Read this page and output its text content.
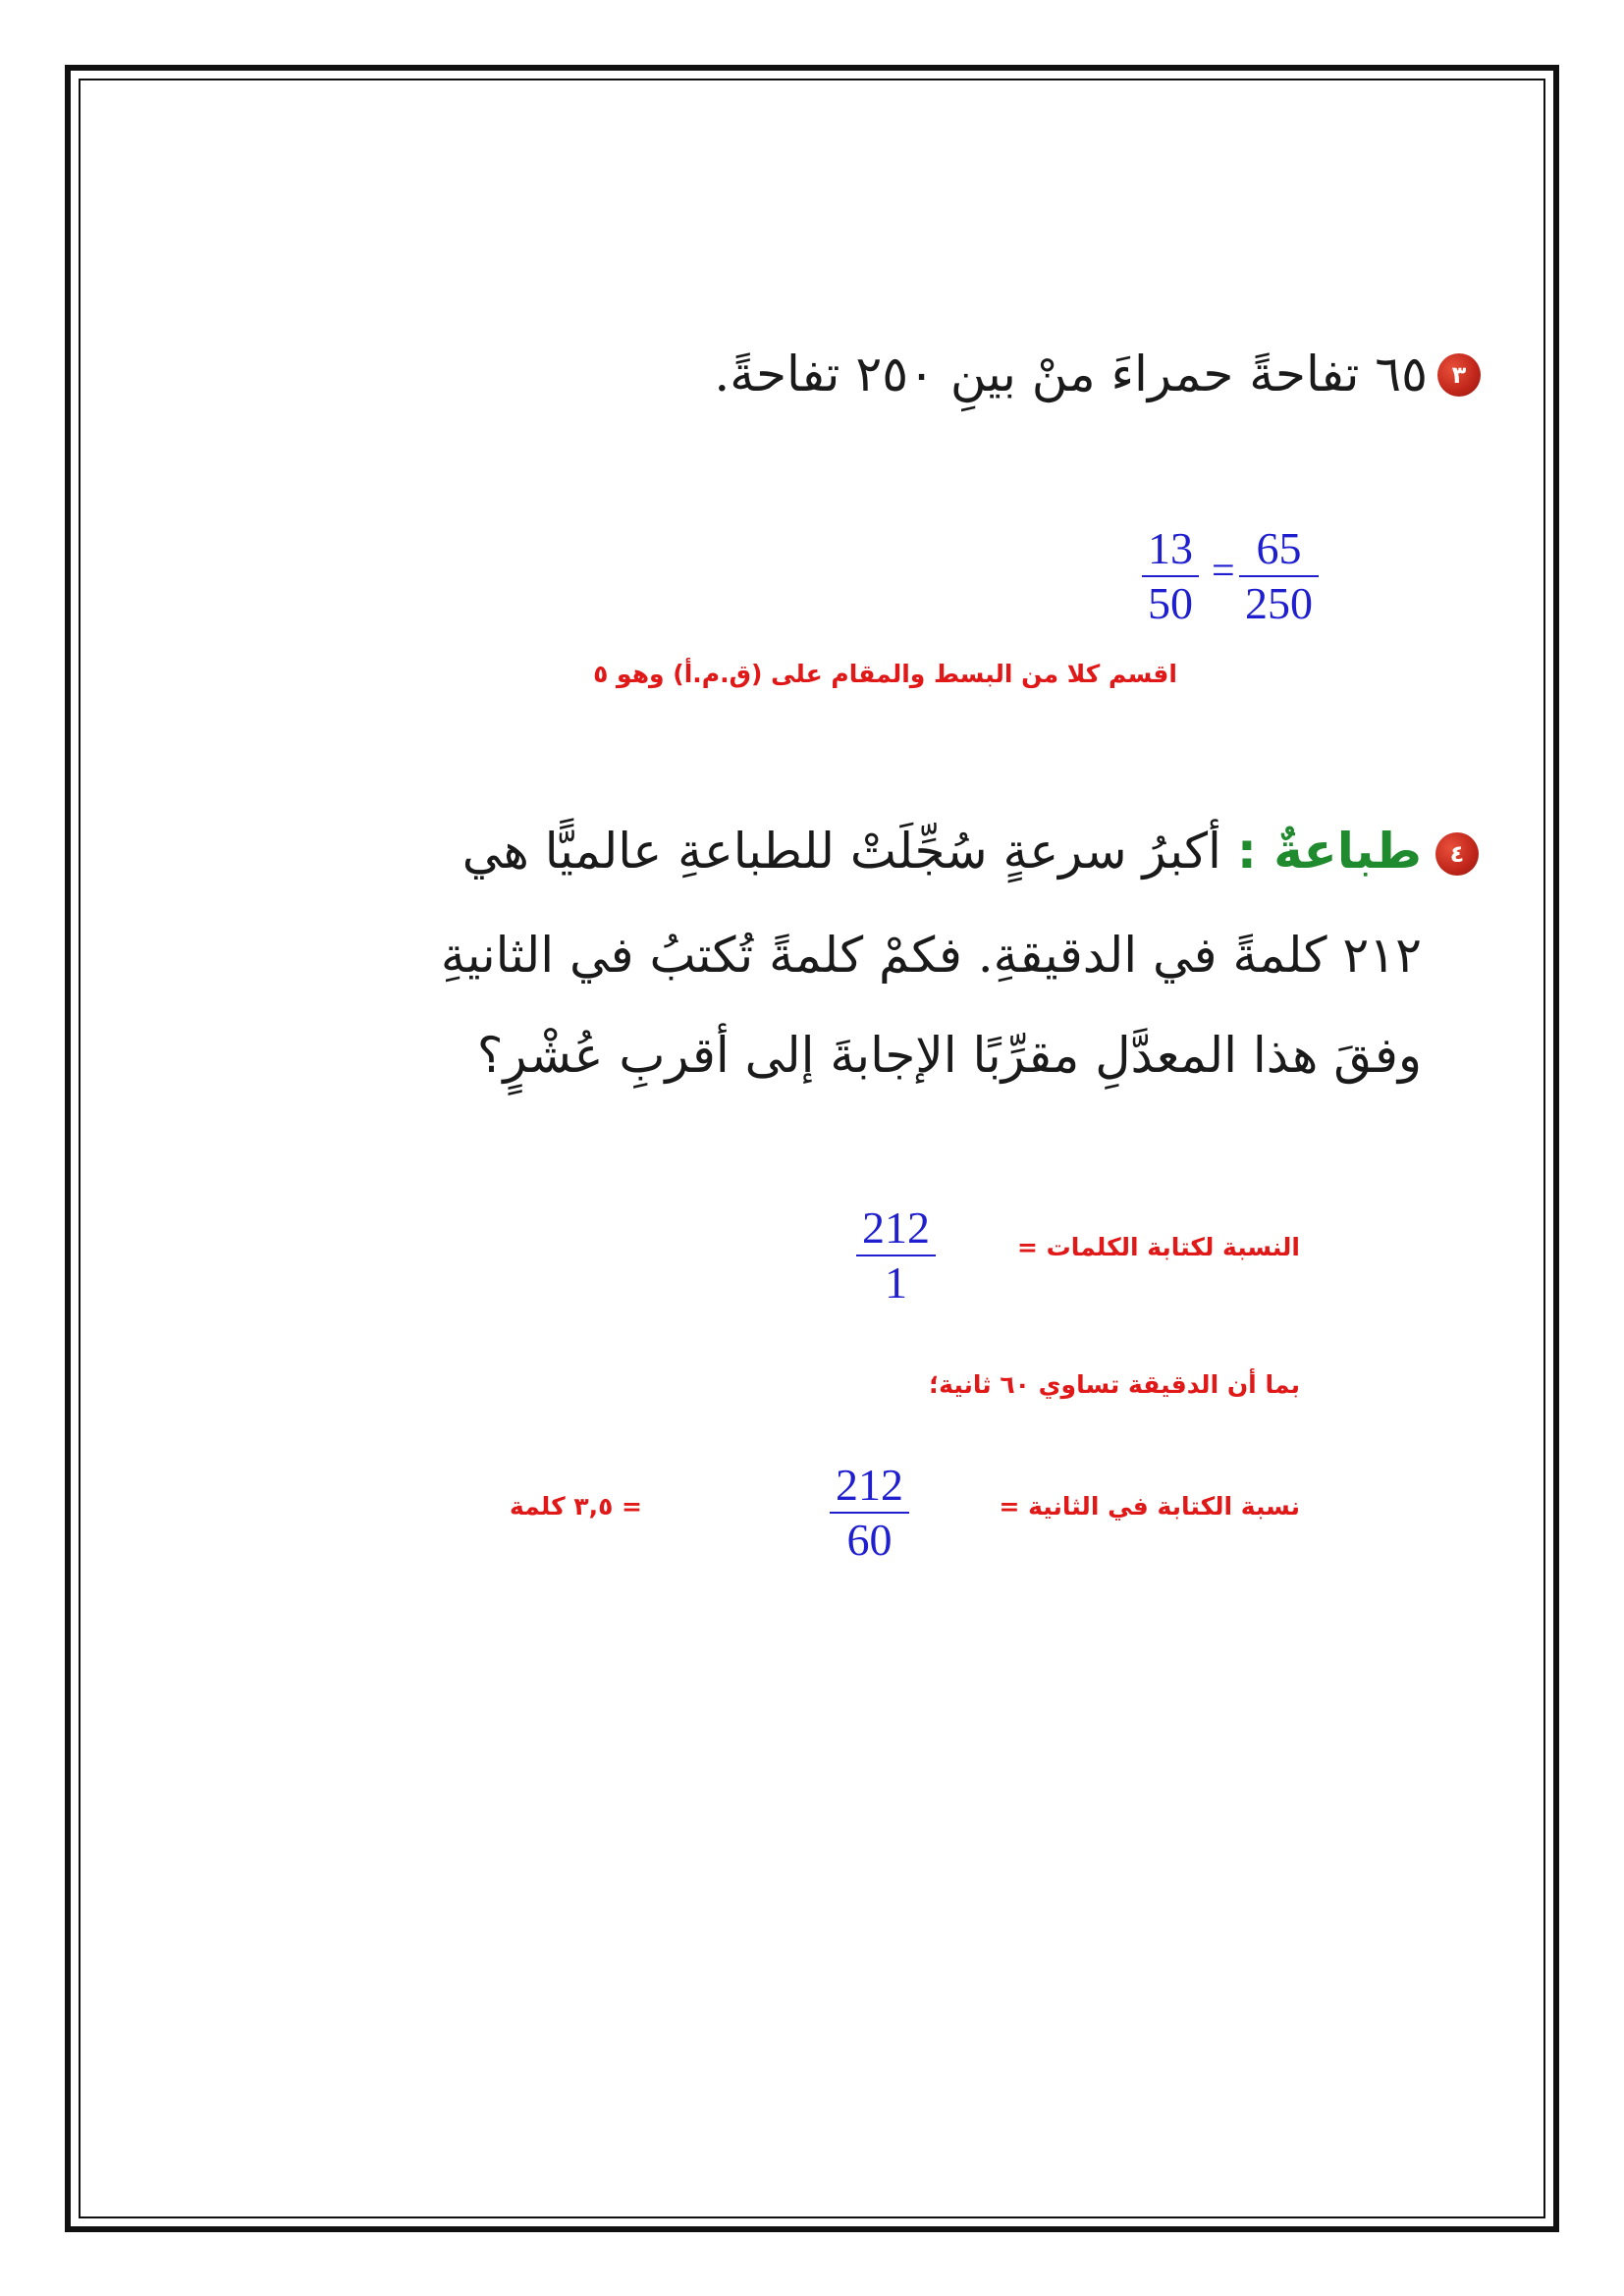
٣
٦٥ تفاحةً حمراءَ منْ بينِ ٢٥٠ تفاحةً.
13
50
= 65
250
اقسم كلا من البسط والمقام على (ق.م.أ) وهو ٥
٤
طباعةٌ : أكبرُ سرعةٍ سُجِّلَتْ للطباعةِ عالميًّا هي
٢١٢ كلمةً في الدقيقةِ. فكمْ كلمةً تُكتبُ في الثانيةِ
وفقَ هذا المعدَّلِ مقرِّبًا الإجابةَ إلى أقربِ عُشْرٍ؟
النسبة لكتابة الكلمات =
212
1
بما أن الدقيقة تساوي ٦٠ ثانية؛
نسبة الكتابة في الثانية =
212
60
= ٣,٥ كلمة
